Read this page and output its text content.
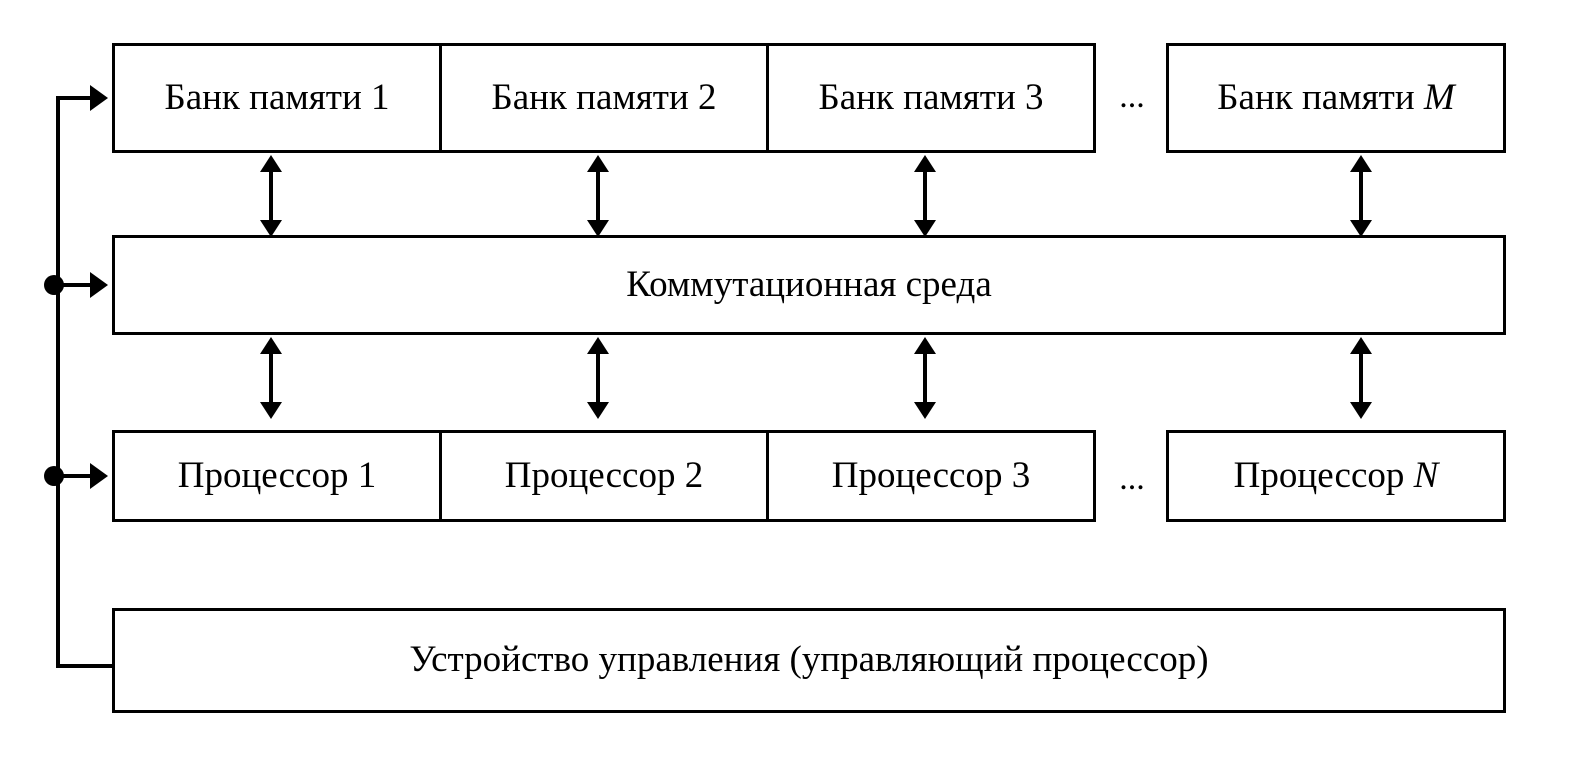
Банк памяти 1	Банк памяти 2	Банк памяти 3	...	Банк памяти M
Коммутационная среда
Процессор 1	Процессор 2	Процессор 3	...	Процессор N
Устройство управления (управляющий процессор)
